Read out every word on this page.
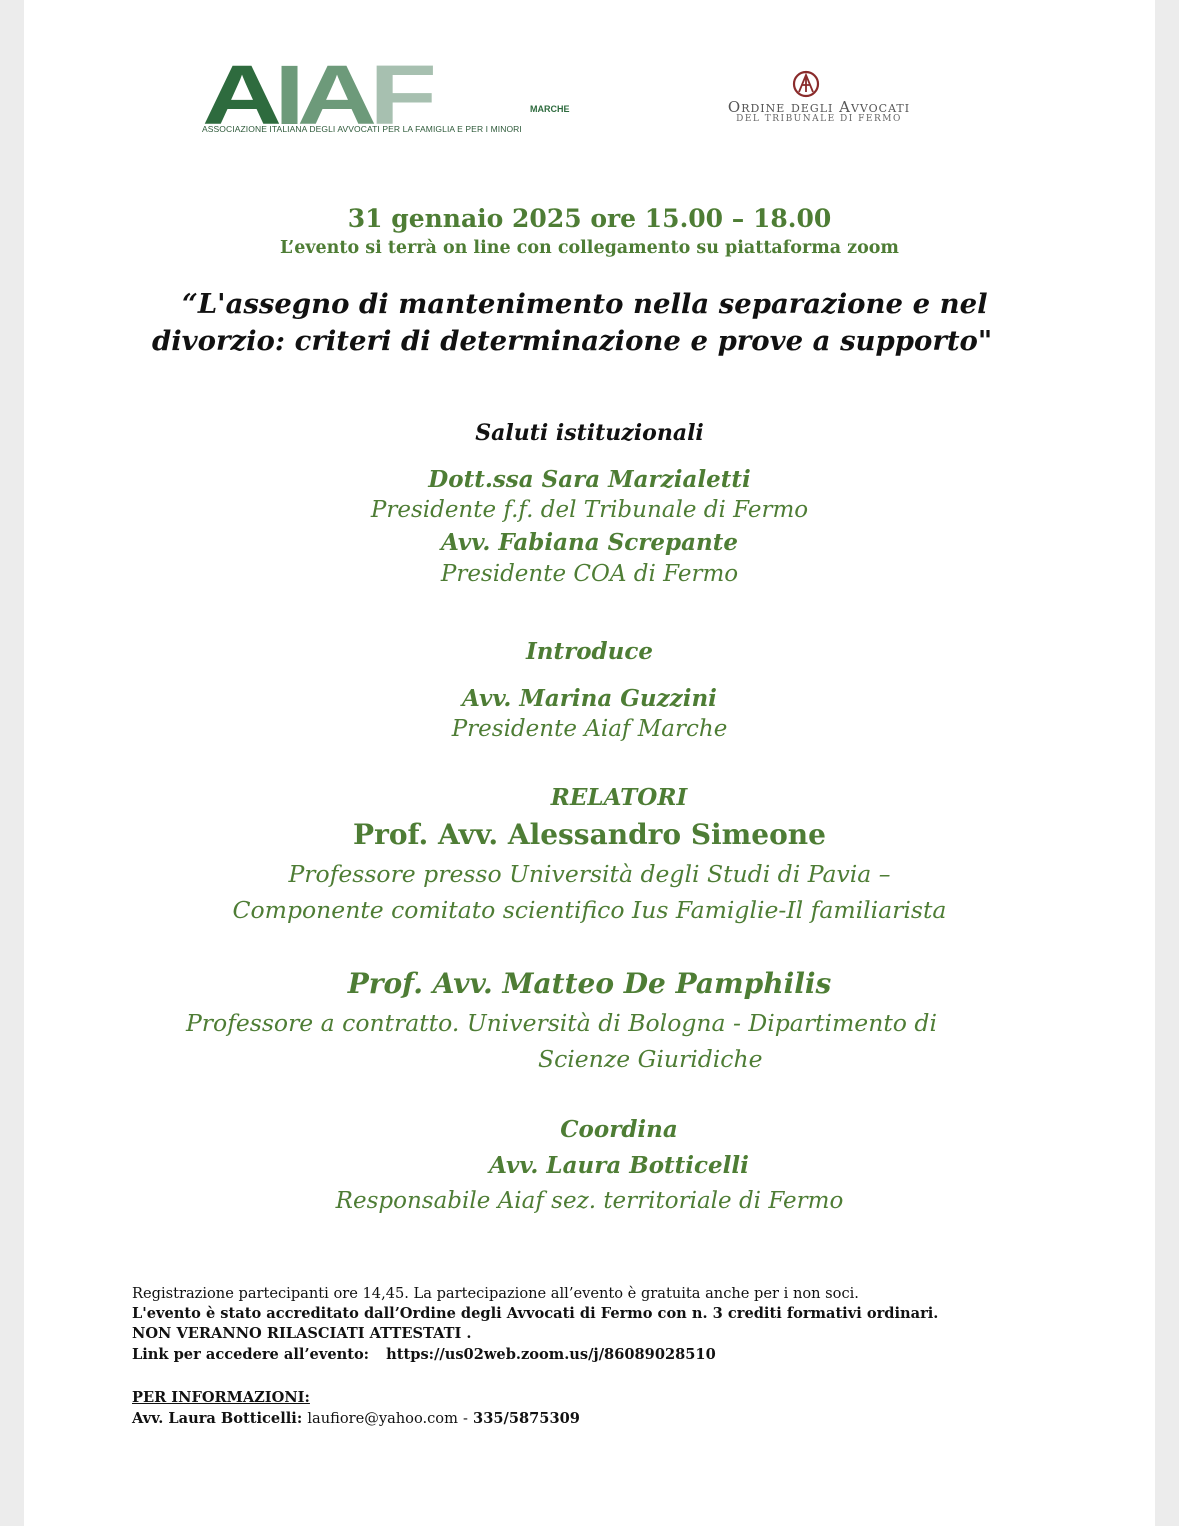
AIAF	MARCHE
ASSOCIAZIONE ITALIANA DEGLI AVVOCATI PER LA FAMIGLIA E PER I MINORI
Ordine degli Avvocati
DEL TRIBUNALE DI FERMO
31 gennaio 2025 ore 15.00 – 18.00
L’evento si terrà on line con collegamento su piattaforma zoom
“L'assegno di mantenimento nella separazione e nel
divorzio: criteri di determinazione e prove a supporto"
Saluti istituzionali
Dott.ssa Sara Marzialetti
Presidente f.f. del Tribunale di Fermo
Avv. Fabiana Screpante
Presidente COA di Fermo
Introduce
Avv. Marina Guzzini
Presidente Aiaf Marche
RELATORI
Prof. Avv. Alessandro Simeone
Professore presso Università degli Studi di Pavia –
Componente comitato scientifico Ius Famiglie-Il familiarista
Prof. Avv. Matteo De Pamphilis
Professore a contratto. Università di Bologna - Dipartimento di
Scienze Giuridiche
Coordina
Avv. Laura Botticelli
Responsabile Aiaf sez. territoriale di Fermo
Registrazione partecipanti ore 14,45. La partecipazione all’evento è gratuita anche per i non soci.
L'evento è stato accreditato dall’Ordine degli Avvocati di Fermo con n. 3 crediti formativi ordinari.
NON VERANNO RILASCIATI ATTESTATI .
Link per accedere all’evento: https://us02web.zoom.us/j/86089028510
PER INFORMAZIONI:
Avv. Laura Botticelli: laufiore@yahoo.com - 335/5875309
